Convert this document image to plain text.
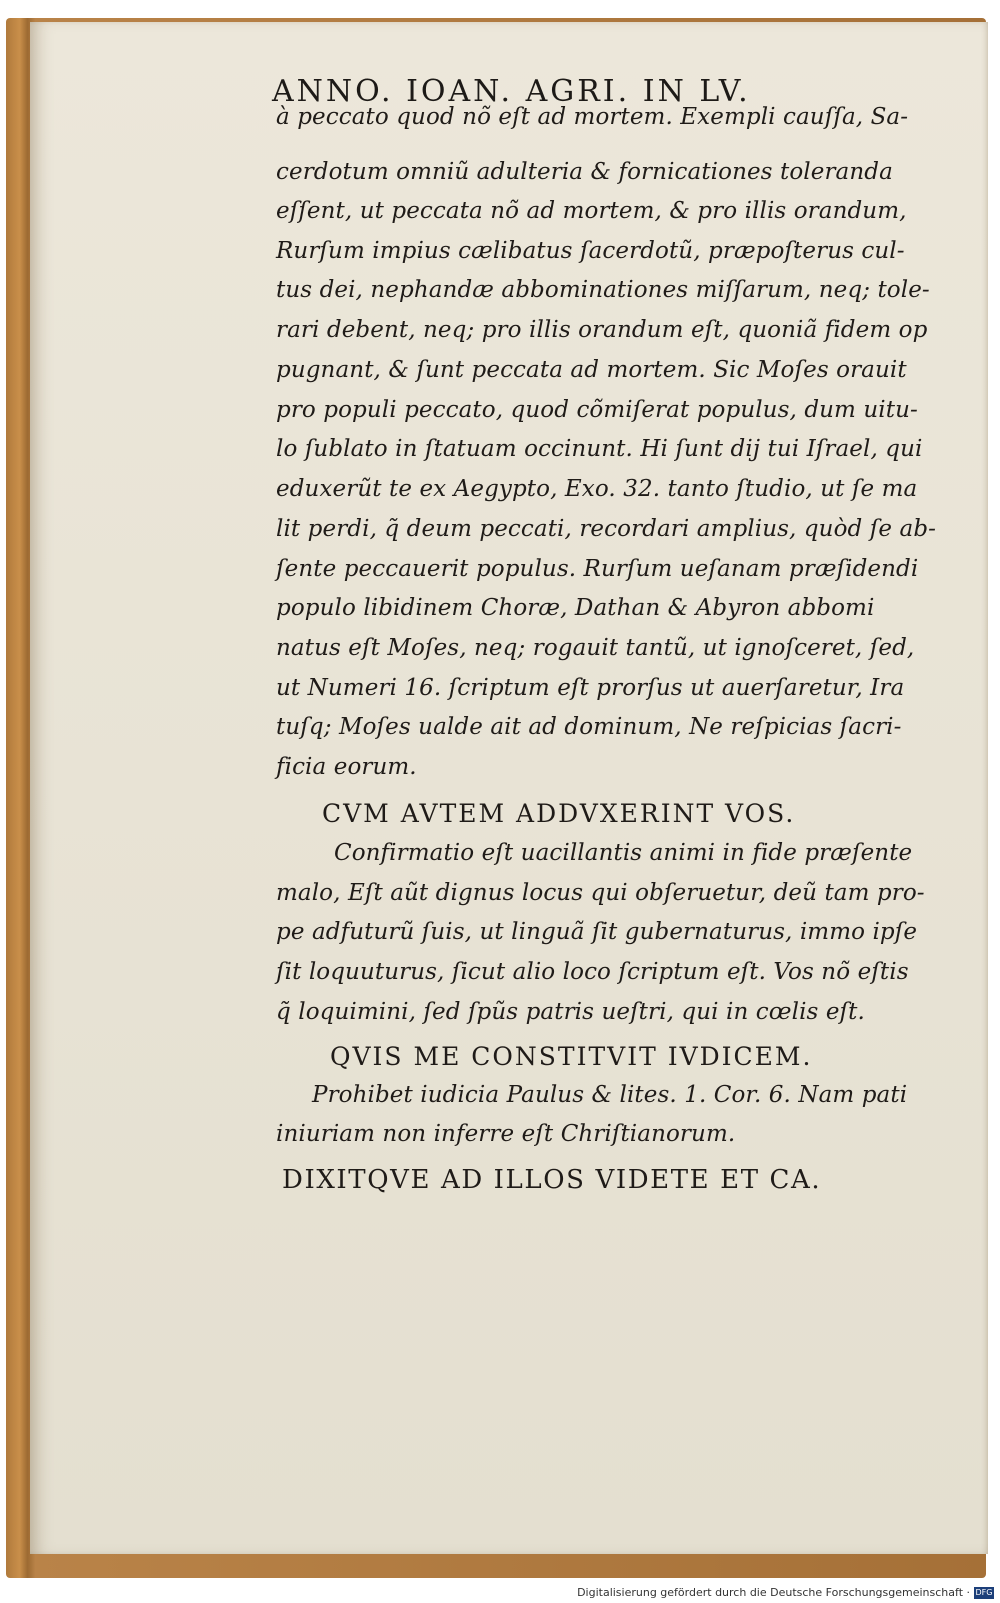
ANNO. IOAN. AGRI. IN LV.
à peccato quod nõ eſt ad mortem. Exempli cauſſa, Sa‑
cerdotum omniũ adulteria & fornicationes toleranda
eſſent, ut peccata nõ ad mortem, & pro illis orandum,
Rurſum impius cælibatus ſacerdotũ, præpoſterus cul‑
tus dei, nephandæ abbominationes miſſarum, neq; tole‑
rari debent, neq; pro illis orandum eſt, quoniã fidem op
pugnant, & ſunt peccata ad mortem. Sic Moſes orauit
pro populi peccato, quod cõmiſerat populus, dum uitu‑
lo ſublato in ſtatuam occinunt. Hi ſunt dij tui Iſrael, qui
eduxerũt te ex Aegypto, Exo. 32. tanto ſtudio, ut ſe ma
lit perdi, q̃ deum peccati, recordari amplius, quòd ſe ab‑
ſente peccauerit populus. Rurſum ueſanam præſidendi
populo libidinem Choræ, Dathan & Abyron abbomi
natus eſt Moſes, neq; rogauit tantũ, ut ignoſceret, ſed,
ut Numeri 16. ſcriptum eſt prorſus ut auerſaretur, Ira
tuſq; Moſes ualde ait ad dominum, Ne reſpicias ſacri‑
ficia eorum.
CVM AVTEM ADDVXERINT VOS.
Confirmatio eſt uacillantis animi in fide præſente
malo, Eſt aũt dignus locus qui obſeruetur, deũ tam pro‑
pe adfuturũ ſuis, ut linguã ſit gubernaturus, immo ipſe
ſit loquuturus, ſicut alio loco ſcriptum eſt. Vos nõ eſtis
q̃ loquimini, ſed ſpũs patris ueſtri, qui in cœlis eſt.
QVIS ME CONSTITVIT IVDICEM.
Prohibet iudicia Paulus & lites. 1. Cor. 6. Nam pati
iniuriam non inferre eſt Chriſtianorum.
DIXITQVE AD ILLOS VIDETE ET CA.
Digitalisierung gefördert durch die Deutsche Forschungsgemeinschaft · DFG
